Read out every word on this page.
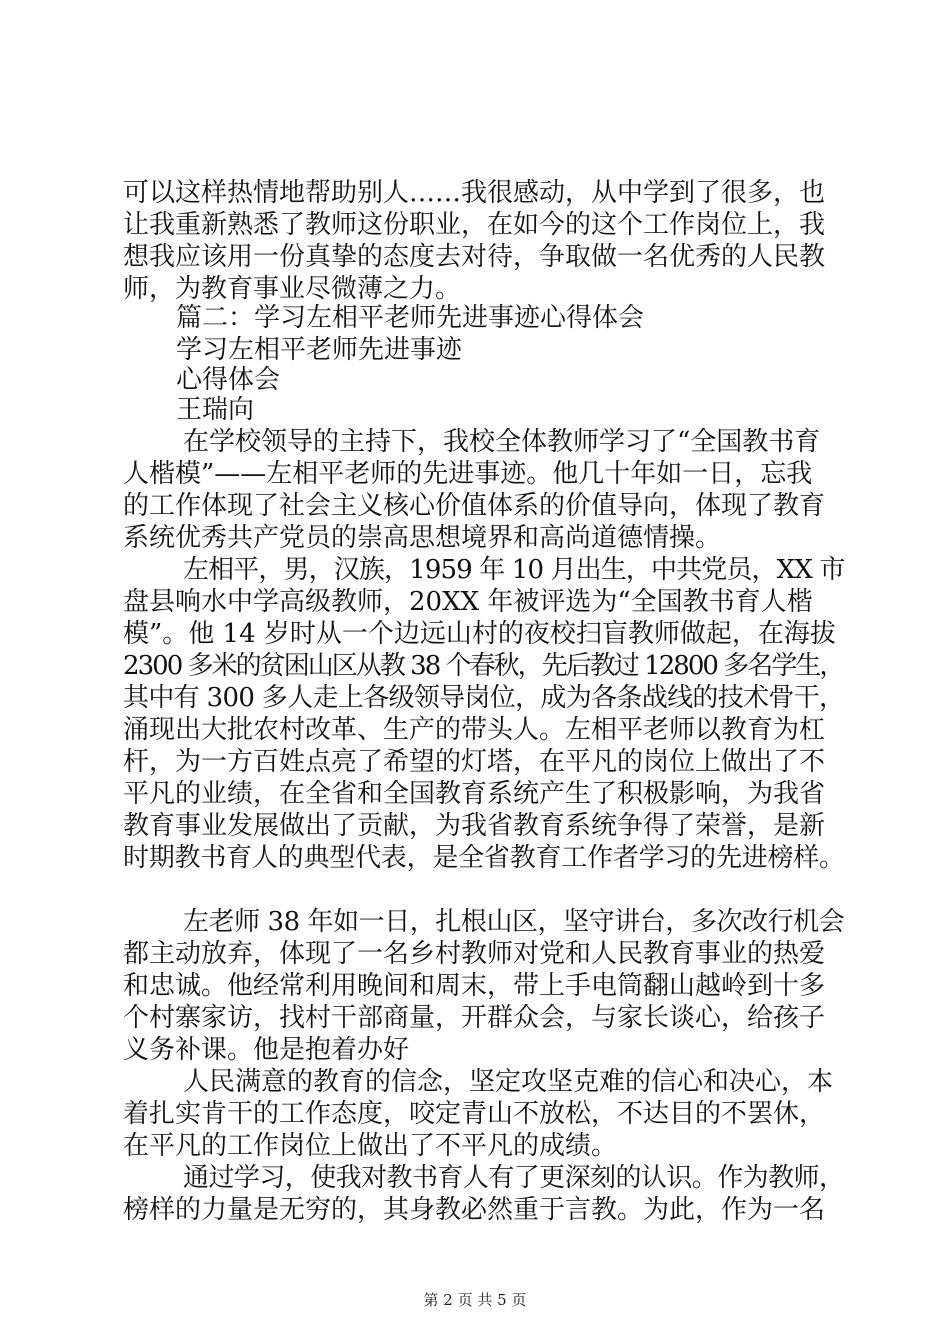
可以这样热情地帮助别人……我很感动，从中学到了很多，也
让我重新熟悉了教师这份职业，在如今的这个工作岗位上，我
想我应该用一份真挚的态度去对待，争取做一名优秀的人民教
师，为教育事业尽微薄之力。
篇二：学习左相平老师先进事迹心得体会
学习左相平老师先进事迹
心得体会
王瑞向
在学校领导的主持下，我校全体教师学习了“全国教书育
人楷模”——左相平老师的先进事迹。他几十年如一日，忘我
的工作体现了社会主义核心价值体系的价值导向，体现了教育
系统优秀共产党员的崇高思想境界和高尚道德情操。
左相平，男，汉族，1959 年 10 月出生，中共党员，XX 市
盘县响水中学高级教师，20XX 年被评选为“全国教书育人楷
模”。他 14 岁时从一个边远山村的夜校扫盲教师做起，在海拔
2300 多米的贫困山区从教 38 个春秋，先后教过 12800 多名学生，
其中有 300 多人走上各级领导岗位，成为各条战线的技术骨干，
涌现出大批农村改革、生产的带头人。左相平老师以教育为杠
杆，为一方百姓点亮了希望的灯塔，在平凡的岗位上做出了不
平凡的业绩，在全省和全国教育系统产生了积极影响，为我省
教育事业发展做出了贡献，为我省教育系统争得了荣誉，是新
时期教书育人的典型代表，是全省教育工作者学习的先进榜样。
左老师 38 年如一日，扎根山区，坚守讲台，多次改行机会
都主动放弃，体现了一名乡村教师对党和人民教育事业的热爱
和忠诚。他经常利用晚间和周末，带上手电筒翻山越岭到十多
个村寨家访，找村干部商量，开群众会，与家长谈心，给孩子
义务补课。他是抱着办好
人民满意的教育的信念，坚定攻坚克难的信心和决心，本
着扎实肯干的工作态度，咬定青山不放松，不达目的不罢休，
在平凡的工作岗位上做出了不平凡的成绩。
通过学习，使我对教书育人有了更深刻的认识。作为教师，
榜样的力量是无穷的，其身教必然重于言教。为此，作为一名
第 2 页 共 5 页
